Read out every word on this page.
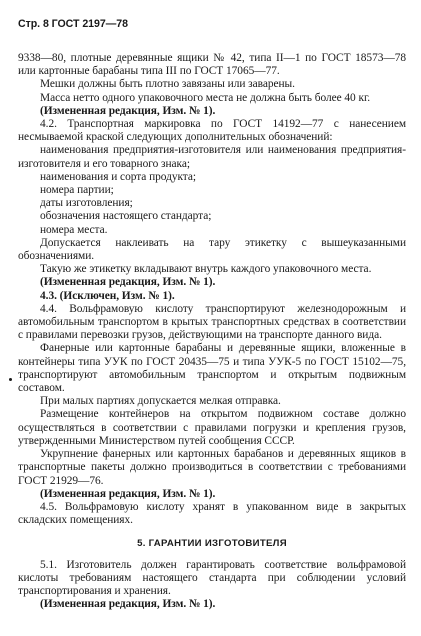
Стр. 8 ГОСТ 2197—78

9338—80, плотные деревянные ящики № 42, типа II—1 по ГОСТ 18573—78 или картонные барабаны типа III по ГОСТ 17065—77.

Мешки должны быть плотно завязаны или заварены.

Масса нетто одного упаковочного места не должна быть более 40 кг.

(Измененная редакция, Изм. № 1).

4.2. Транспортная маркировка по ГОСТ 14192—77 с нанесением несмываемой краской следующих дополнительных обозначений:

наименования предприятия-изготовителя или наименования предприятия-изготовителя и его товарного знака;

наименования и сорта продукта;

номера партии;

даты изготовления;

обозначения настоящего стандарта;

номера места.

Допускается наклеивать на тару этикетку с вышеуказанными обозначениями.

Такую же этикетку вкладывают внутрь каждого упаковочного места.

(Измененная редакция, Изм. № 1).

4.3. (Исключен, Изм. № 1).

4.4. Вольфрамовую кислоту транспортируют железнодорожным и автомобильным транспортом в крытых транспортных средствах в соответствии с правилами перевозки грузов, действующими на транспорте данного вида.

Фанерные или картонные барабаны и деревянные ящики, вложенные в контейнеры типа УУК по ГОСТ 20435—75 и типа УУК-5 по ГОСТ 15102—75, транспортируют автомобильным транспортом и открытым подвижным составом.

При малых партиях допускается мелкая отправка.

Размещение контейнеров на открытом подвижном составе должно осуществляться в соответствии с правилами погрузки и крепления грузов, утвержденными Министерством путей сообщения СССР.

Укрупнение фанерных или картонных барабанов и деревянных ящиков в транспортные пакеты должно производиться в соответствии с требованиями ГОСТ 21929—76.

(Измененная редакция, Изм. № 1).

4.5. Вольфрамовую кислоту хранят в упакованном виде в закрытых складских помещениях.

5. ГАРАНТИИ ИЗГОТОВИТЕЛЯ

5.1. Изготовитель должен гарантировать соответствие вольфрамовой кислоты требованиям настоящего стандарта при соблюдении условий транспортирования и хранения.

(Измененная редакция, Изм. № 1).
